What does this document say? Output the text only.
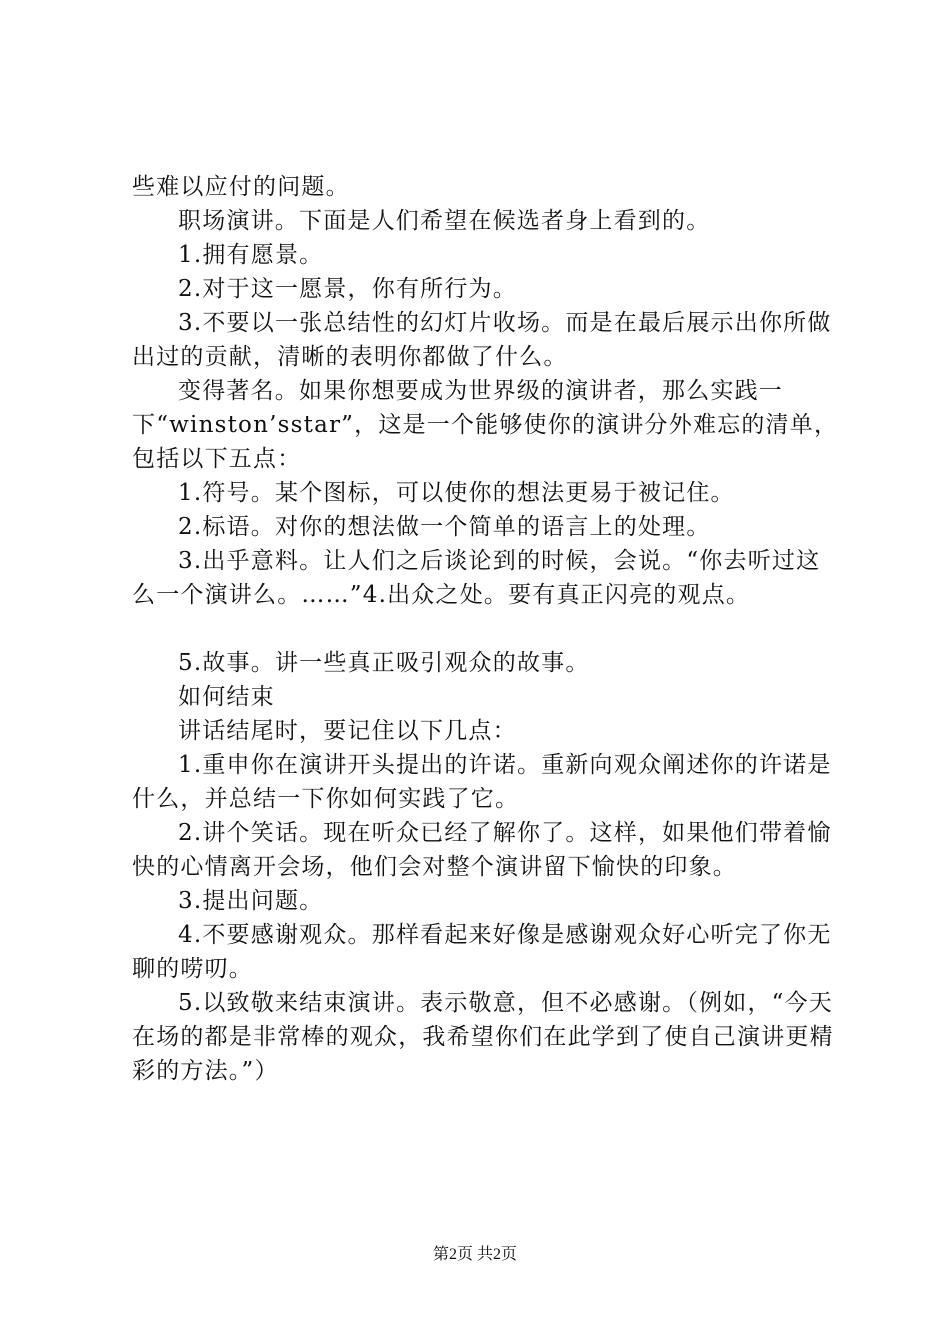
些难以应付的问题。

职场演讲。下面是人们希望在候选者身上看到的。

1.拥有愿景。

2.对于这一愿景，你有所行为。

3.不要以一张总结性的幻灯片收场。而是在最后展示出你所做出过的贡献，清晰的表明你都做了什么。

变得著名。如果你想要成为世界级的演讲者，那么实践一下“winston’sstar”，这是一个能够使你的演讲分外难忘的清单，包括以下五点：

1.符号。某个图标，可以使你的想法更易于被记住。

2.标语。对你的想法做一个简单的语言上的处理。

3.出乎意料。让人们之后谈论到的时候，会说。“你去听过这么一个演讲么。……”4.出众之处。要有真正闪亮的观点。

5.故事。讲一些真正吸引观众的故事。

如何结束

讲话结尾时，要记住以下几点：

1.重申你在演讲开头提出的许诺。重新向观众阐述你的许诺是什么，并总结一下你如何实践了它。

2.讲个笑话。现在听众已经了解你了。这样，如果他们带着愉快的心情离开会场，他们会对整个演讲留下愉快的印象。

3.提出问题。

4.不要感谢观众。那样看起来好像是感谢观众好心听完了你无聊的唠叨。

5.以致敬来结束演讲。表示敬意，但不必感谢。（例如，“今天在场的都是非常棒的观众，我希望你们在此学到了使自己演讲更精彩的方法。”）

第2页 共2页
